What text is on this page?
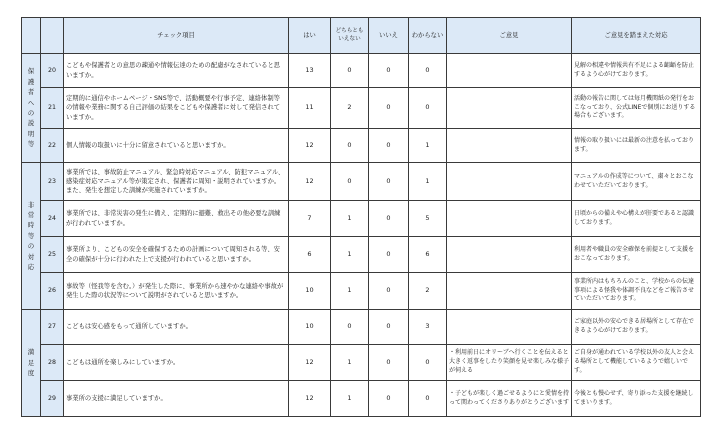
		チェック項目	はい	どちらとも いえない	いいえ	わからない	ご意見	ご意見を踏まえた対応

保護者への説明等	20	こどもや保護者との意思の疎通や情報伝達のための配慮がなされていると思いますか。	13	0	0	0		見解の相違や情報共有不足による齟齬を防止するよう心がけております。
	21	定期的に通信やホームページ・SNS等で、活動概要や行事予定、連絡体制等の情報や業務に関する自己評価の結果をこどもや保護者に対して発信されていますか。	11	2	0	0		活動の報告に関しては毎月機関紙の発行をおこなっており、公式LINEで個別にお送りする場合もございます。
	22	個人情報の取扱いに十分に留意されていると思いますか。	12	0	0	1		情報の取り扱いには最新の注意を払っております。

非常時等の対応	23	事業所では、事故防止マニュアル、緊急時対応マニュアル、防犯マニュアル、感染症対応マニュアル等が策定され、保護者に周知・説明されていますか。また、発生を想定した訓練が実施されていますか。	12	0	0	1		マニュアルの作成等について、粛々とおこなわせていただいております。
	24	事業所では、非常災害の発生に備え、定期的に避難、救出その他必要な訓練が行われていますか。	7	1	0	5		日頃からの備えや心構えが肝要であると認識しております。
	25	事業所より、こどもの安全を確保するための計画について周知される等、安全の確保が十分に行われた上で支援が行われていると思いますか。	6	1	0	6		利用者や職員の安全確保を前提として支援をおこなっております。
	26	事故等（怪我等を含む。）が発生した際に、事業所から速やかな連絡や事故が発生した際の状況等について説明がされていると思いますか。	10	1	0	2		事業所内はもちろんのこと、学校からの伝達事項による怪我や体調不良などをご報告させていただいております。

満足度	27	こどもは安心感をもって通所していますか。	10	0	0	3		ご家庭以外の安心できる居場所として存在できるよう心がけております。
	28	こどもは通所を楽しみにしていますか。	12	1	0	0	・利用前日にオリーブへ行くことを伝えると大きく返事をしたり笑顔を見せ楽しみな様子が伺える	ご自身が通われている学校以外の友人と会える場所として機能しているようで嬉しいです。
	29	事業所の支援に満足していますか。	12	1	0	0	・子どもが楽しく過ごせるようにと愛情を持って関わってくださりありがとうございます	今後とも慢心せず、寄り添った支援を継続してまいります。
